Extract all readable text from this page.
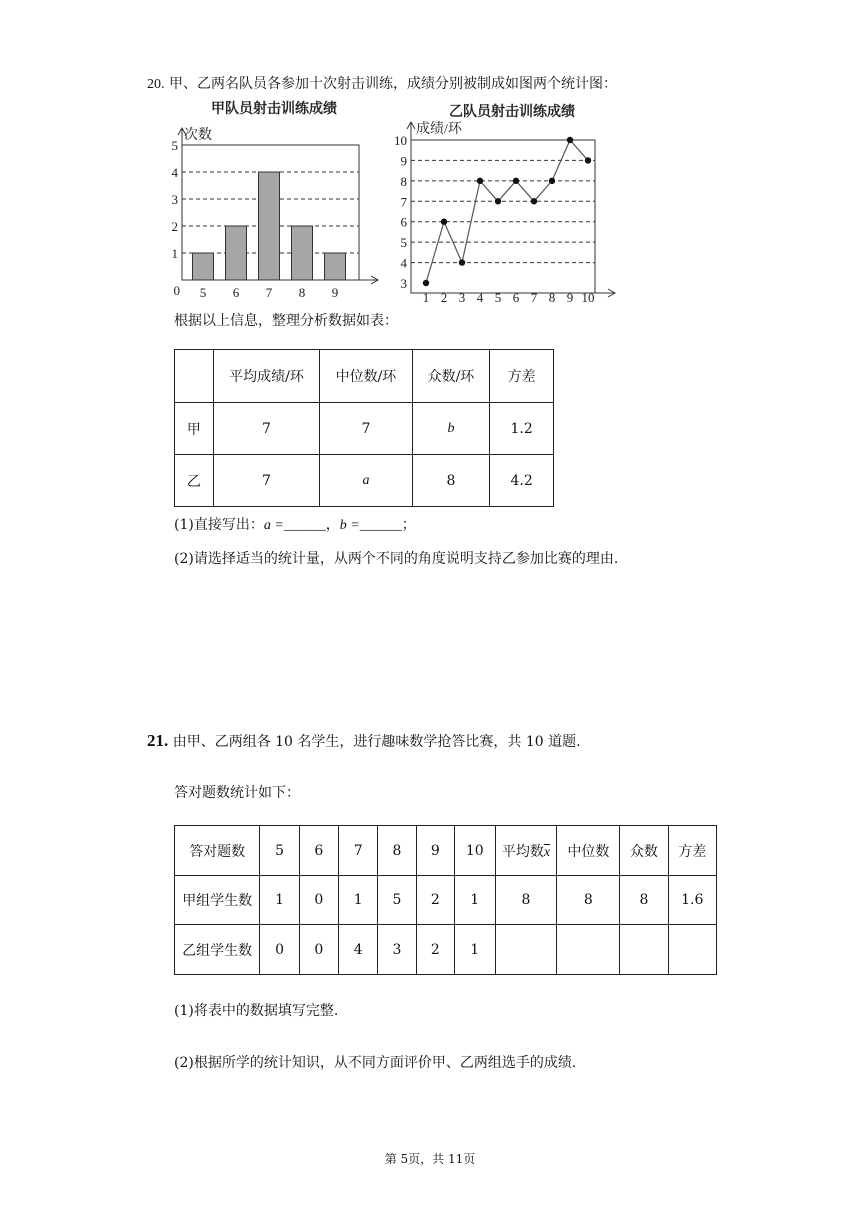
20. 甲、乙两名队员各参加十次射击训练，成绩分别被制成如图两个统计图：
甲队员射击训练成绩
1
2
3
4
5
次数
0 5 6 7 8 9
乙队员射击训练成绩
3
4
5
6
7
8
9
10
成绩/环
1 2 3 4 5 6 7 8 9 10
根据以上信息，整理分析数据如表：
	平均成绩/环	中位数/环	众数/环	方差
甲	7	7	b	1.2
乙	7	a	8	4.2
(1)直接写出：a =______，b =______；
(2)请选择适当的统计量，从两个不同的角度说明支持乙参加比赛的理由.
21. 由甲、乙两组各 10 名学生，进行趣味数学抢答比赛，共 10 道题.
答对题数统计如下：
答对题数	5	6	7	8	9	10	平均数$\overline{x}$	中位数	众数	方差
甲组学生数	1	0	1	5	2	1	8	8	8	1.6
乙组学生数	0	0	4	3	2	1				
(1)将表中的数据填写完整.
(2)根据所学的统计知识，从不同方面评价甲、乙两组选手的成绩.
第 5页，共 11页
